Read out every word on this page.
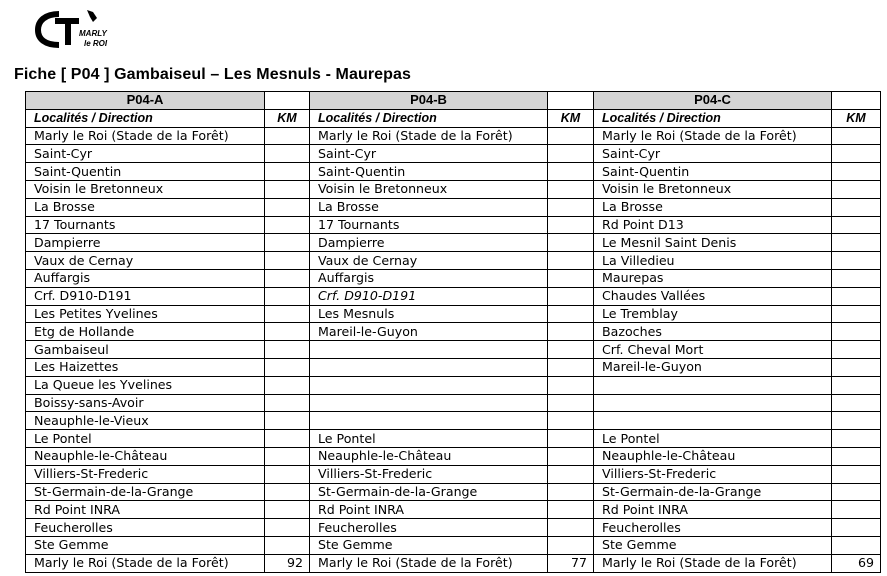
MARLY
le ROI
Fiche [ P04 ] Gambaiseul – Les Mesnuls - Maurepas
P04-A		P04-B		P04-C	
Localités / Direction	KM	Localités / Direction	KM	Localités / Direction	KM
Marly le Roi (Stade de la Forêt)		Marly le Roi (Stade de la Forêt)		Marly le Roi (Stade de la Forêt)	
Saint-Cyr		Saint-Cyr		Saint-Cyr	
Saint-Quentin		Saint-Quentin		Saint-Quentin	
Voisin le Bretonneux		Voisin le Bretonneux		Voisin le Bretonneux	
La Brosse		La Brosse		La Brosse	
17 Tournants		17 Tournants		Rd Point D13	
Dampierre		Dampierre		Le Mesnil Saint Denis	
Vaux de Cernay		Vaux de Cernay		La Villedieu	
Auffargis		Auffargis		Maurepas	
Crf. D910-D191		Crf. D910-D191		Chaudes Vallées	
Les Petites Yvelines		Les Mesnuls		Le Tremblay	
Etg de Hollande		Mareil-le-Guyon		Bazoches	
Gambaiseul				Crf. Cheval Mort	
Les Haizettes				Mareil-le-Guyon	
La Queue les Yvelines					
Boissy-sans-Avoir					
Neauphle-le-Vieux					
Le Pontel		Le Pontel		Le Pontel	
Neauphle-le-Château		Neauphle-le-Château		Neauphle-le-Château	
Villiers-St-Frederic		Villiers-St-Frederic		Villiers-St-Frederic	
St-Germain-de-la-Grange		St-Germain-de-la-Grange		St-Germain-de-la-Grange	
Rd Point INRA		Rd Point INRA		Rd Point INRA	
Feucherolles		Feucherolles		Feucherolles	
Ste Gemme		Ste Gemme		Ste Gemme	
Marly le Roi (Stade de la Forêt)	92	Marly le Roi (Stade de la Forêt)	77	Marly le Roi (Stade de la Forêt)	69
